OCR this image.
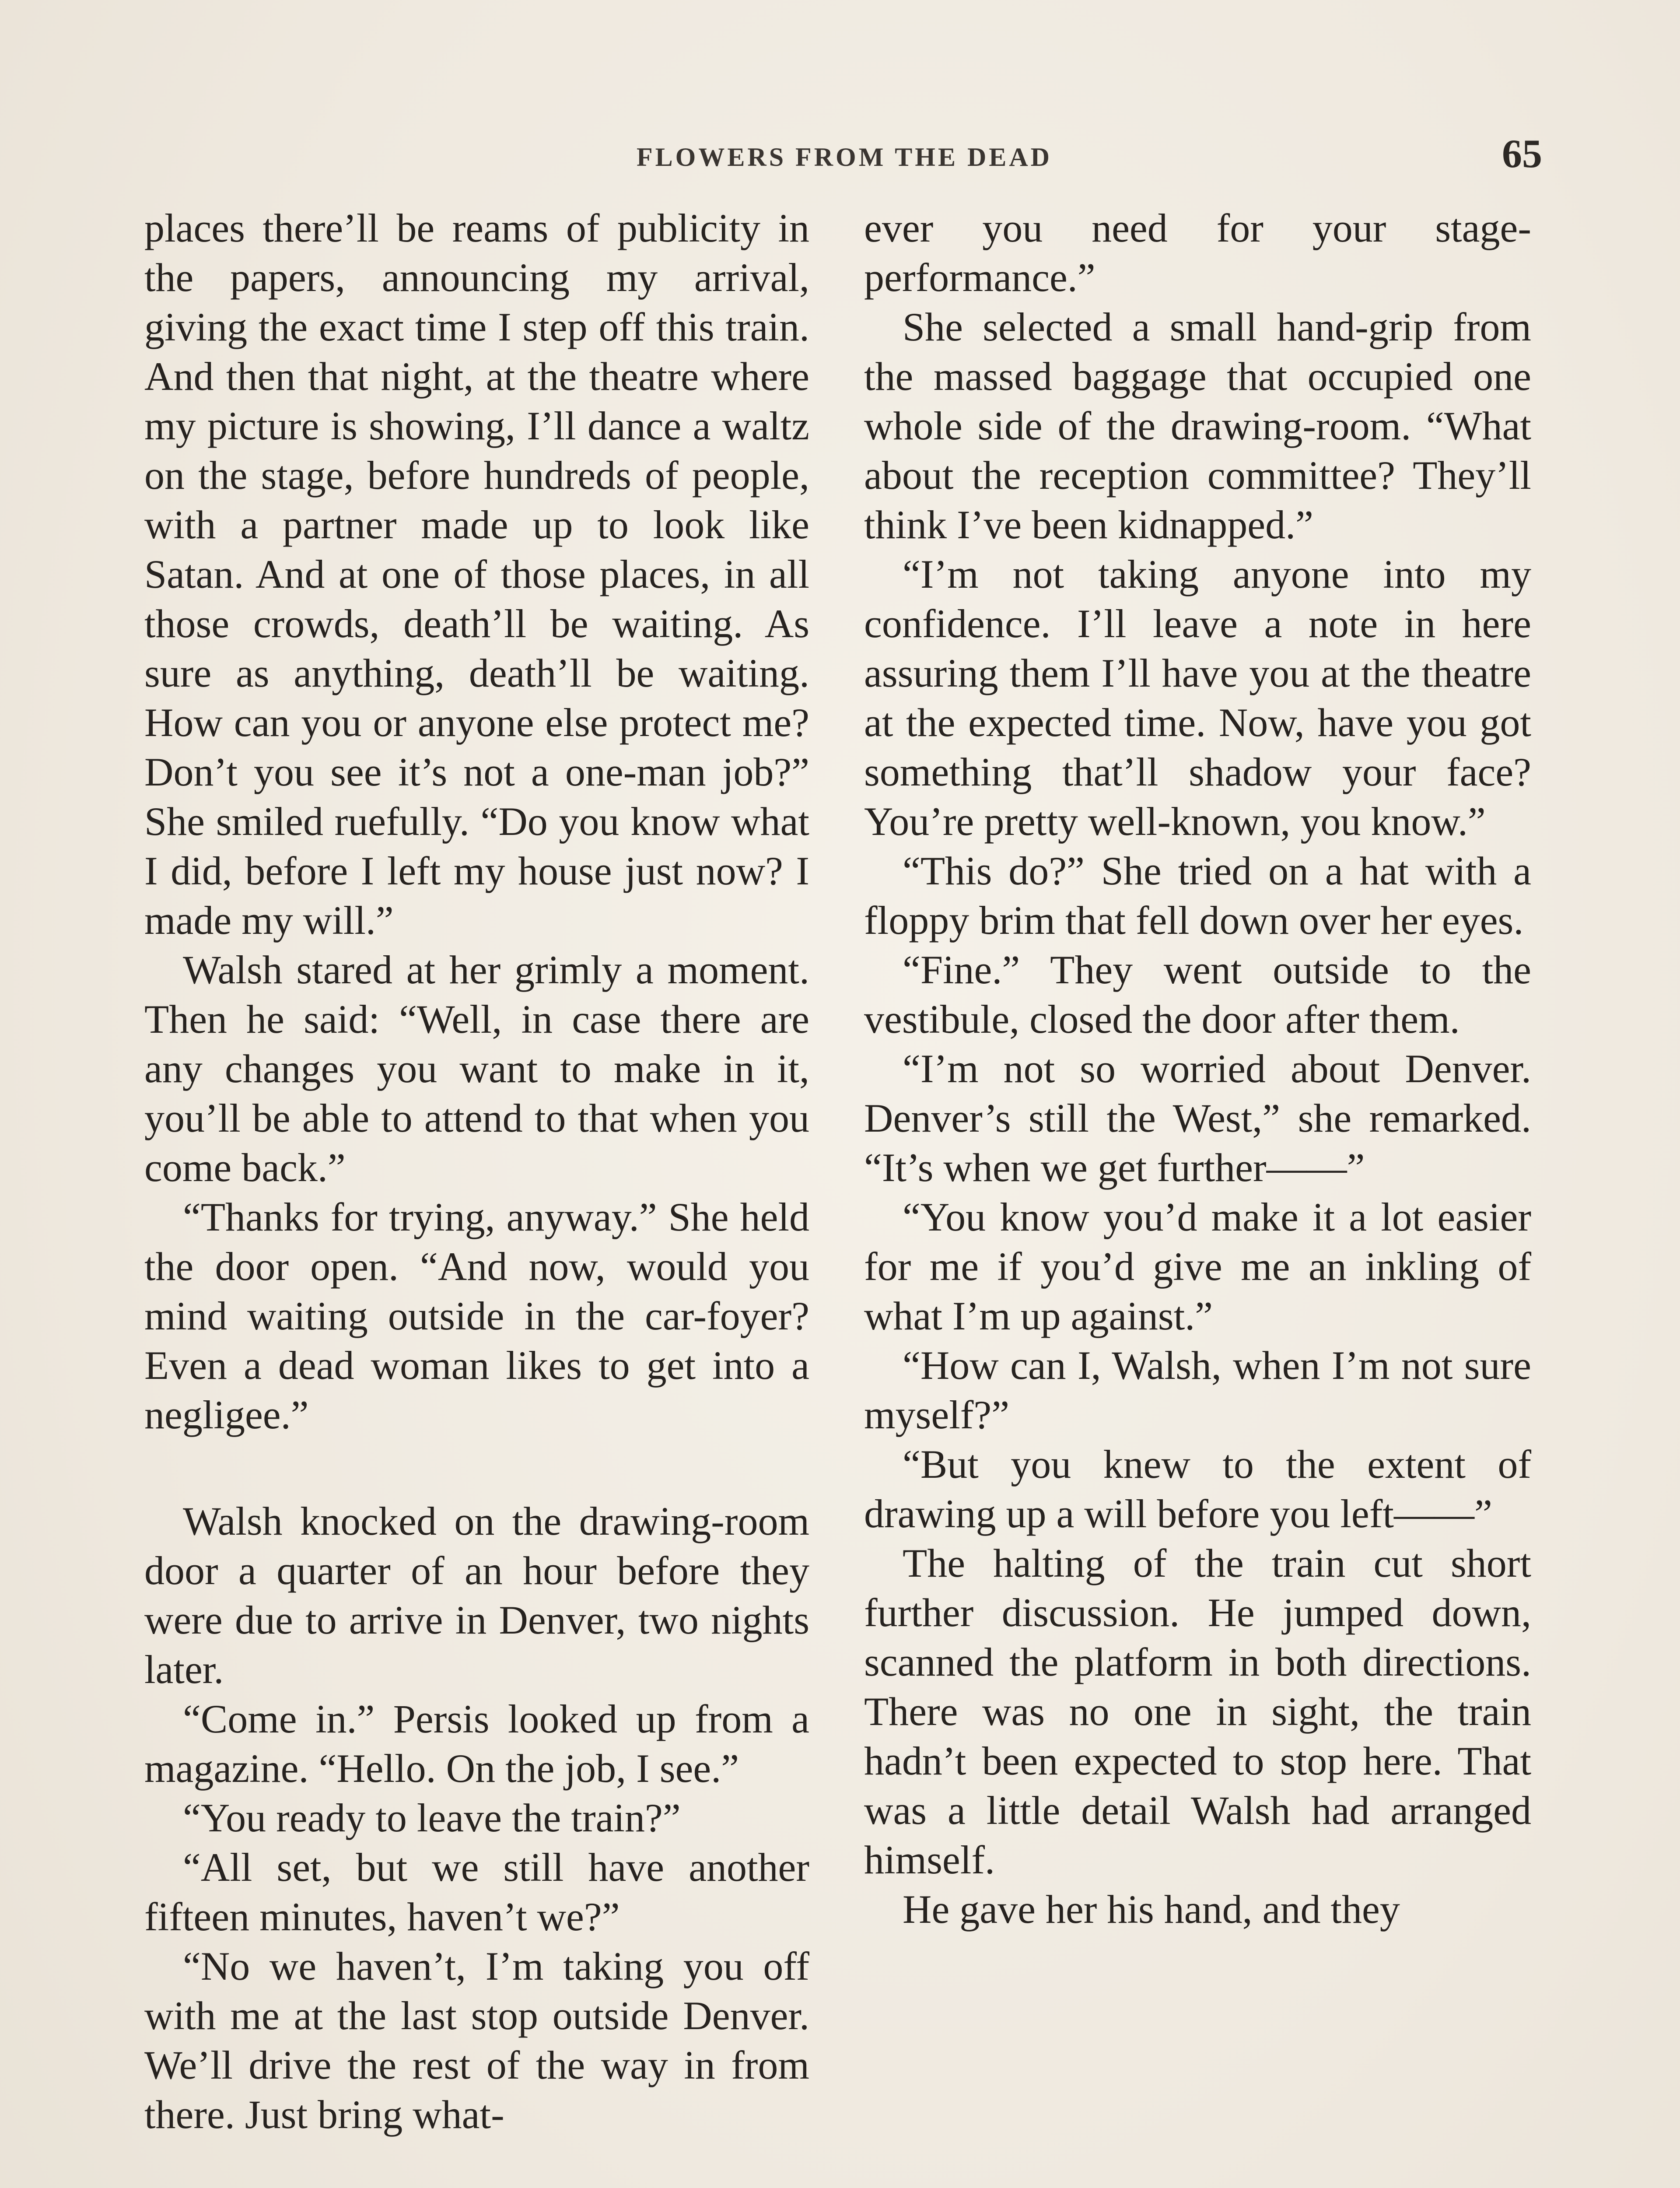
FLOWERS FROM THE DEAD	65

places there’ll be reams of publicity in the papers, announcing my arrival, giving the exact time I step off this train. And then that night, at the theatre where my picture is showing, I’ll dance a waltz on the stage, before hundreds of people, with a partner made up to look like Satan. And at one of those places, in all those crowds, death’ll be waiting. As sure as anything, death’ll be waiting. How can you or anyone else protect me? Don’t you see it’s not a one-man job?” She smiled ruefully. “Do you know what I did, before I left my house just now? I made my will.”

Walsh stared at her grimly a moment. Then he said: “Well, in case there are any changes you want to make in it, you’ll be able to attend to that when you come back.”

“Thanks for trying, anyway.” She held the door open. “And now, would you mind waiting outside in the car-foyer? Even a dead woman likes to get into a negligee.”

Walsh knocked on the drawing-room door a quarter of an hour before they were due to arrive in Denver, two nights later.

“Come in.” Persis looked up from a magazine. “Hello. On the job, I see.”

“You ready to leave the train?”

“All set, but we still have another fifteen minutes, haven’t we?”

“No we haven’t, I’m taking you off with me at the last stop outside Denver. We’ll drive the rest of the way in from there. Just bring what-

ever you need for your stage-performance.”

She selected a small hand-grip from the massed baggage that occupied one whole side of the drawing-room. “What about the reception committee? They’ll think I’ve been kidnapped.”

“I’m not taking anyone into my confidence. I’ll leave a note in here assuring them I’ll have you at the theatre at the expected time. Now, have you got something that’ll shadow your face? You’re pretty well-known, you know.”

“This do?” She tried on a hat with a floppy brim that fell down over her eyes.

“Fine.” They went outside to the vestibule, closed the door after them.

“I’m not so worried about Denver. Denver’s still the West,” she remarked. “It’s when we get further——”

“You know you’d make it a lot easier for me if you’d give me an inkling of what I’m up against.”

“How can I, Walsh, when I’m not sure myself?”

“But you knew to the extent of drawing up a will before you left——”

The halting of the train cut short further discussion. He jumped down, scanned the platform in both directions. There was no one in sight, the train hadn’t been expected to stop here. That was a little detail Walsh had arranged himself.

He gave her his hand, and they
